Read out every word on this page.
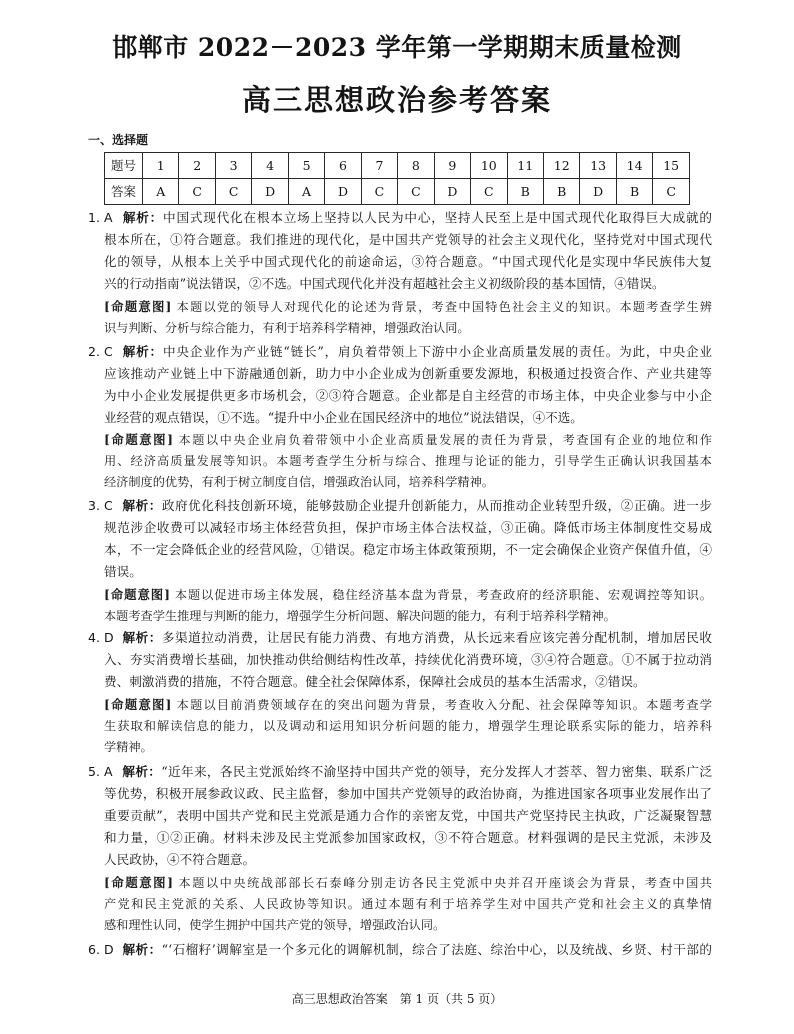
邯郸市 2022－2023 学年第一学期期末质量检测
高三思想政治参考答案
一、选择题
题号	1	2	3	4	5	6	7	8	9	10	11	12	13	14	15
答案	A	C	C	D	A	D	C	C	D	C	B	B	D	B	C
1. A 解析：中国式现代化在根本立场上坚持以人民为中心，坚持人民至上是中国式现代化取得巨大成就的
根本所在，①符合题意。我们推进的现代化，是中国共产党领导的社会主义现代化，坚持党对中国式现代
化的领导，从根本上关乎中国式现代化的前途命运，③符合题意。“中国式现代化是实现中华民族伟大复
兴的行动指南”说法错误，②不选。中国式现代化并没有超越社会主义初级阶段的基本国情，④错误。
[命题意图] 本题以党的领导人对现代化的论述为背景，考查中国特色社会主义的知识。本题考查学生辨
识与判断、分析与综合能力，有利于培养科学精神，增强政治认同。
2. C 解析：中央企业作为产业链“链长”，肩负着带领上下游中小企业高质量发展的责任。为此，中央企业
应该推动产业链上中下游融通创新，助力中小企业成为创新重要发源地，积极通过投资合作、产业共建等
为中小企业发展提供更多市场机会，②③符合题意。企业都是自主经营的市场主体，中央企业参与中小企
业经营的观点错误，①不选。“提升中小企业在国民经济中的地位”说法错误，④不选。
[命题意图] 本题以中央企业肩负着带领中小企业高质量发展的责任为背景，考查国有企业的地位和作
用、经济高质量发展等知识。本题考查学生分析与综合、推理与论证的能力，引导学生正确认识我国基本
经济制度的优势，有利于树立制度自信，增强政治认同，培养科学精神。
3. C 解析：政府优化科技创新环境，能够鼓励企业提升创新能力，从而推动企业转型升级，②正确。进一步
规范涉企收费可以减轻市场主体经营负担，保护市场主体合法权益，③正确。降低市场主体制度性交易成
本，不一定会降低企业的经营风险，①错误。稳定市场主体政策预期，不一定会确保企业资产保值升值，④
错误。
[命题意图] 本题以促进市场主体发展，稳住经济基本盘为背景，考查政府的经济职能、宏观调控等知识。
本题考查学生推理与判断的能力，增强学生分析问题、解决问题的能力，有利于培养科学精神。
4. D 解析：多渠道拉动消费，让居民有能力消费、有地方消费，从长远来看应该完善分配机制，增加居民收
入、夯实消费增长基础，加快推动供给侧结构性改革，持续优化消费环境，③④符合题意。①不属于拉动消
费、刺激消费的措施，不符合题意。健全社会保障体系，保障社会成员的基本生活需求，②错误。
[命题意图] 本题以目前消费领域存在的突出问题为背景，考查收入分配、社会保障等知识。本题考查学
生获取和解读信息的能力，以及调动和运用知识分析问题的能力，增强学生理论联系实际的能力，培养科
学精神。
5. A 解析：“近年来，各民主党派始终不渝坚持中国共产党的领导，充分发挥人才荟萃、智力密集、联系广泛
等优势，积极开展参政议政、民主监督，参加中国共产党领导的政治协商，为推进国家各项事业发展作出了
重要贡献”，表明中国共产党和民主党派是通力合作的亲密友党，中国共产党坚持民主执政，广泛凝聚智慧
和力量，①②正确。材料未涉及民主党派参加国家政权，③不符合题意。材料强调的是民主党派，未涉及
人民政协，④不符合题意。
[命题意图] 本题以中央统战部部长石泰峰分别走访各民主党派中央并召开座谈会为背景，考查中国共
产党和民主党派的关系、人民政协等知识。通过本题有利于培养学生对中国共产党和社会主义的真挚情
感和理性认同，使学生拥护中国共产党的领导，增强政治认同。
6. D 解析：“‘石榴籽’调解室是一个多元化的调解机制，综合了法庭、综治中心，以及统战、乡贤、村干部的
高三思想政治答案　第 1 页（共 5 页）
